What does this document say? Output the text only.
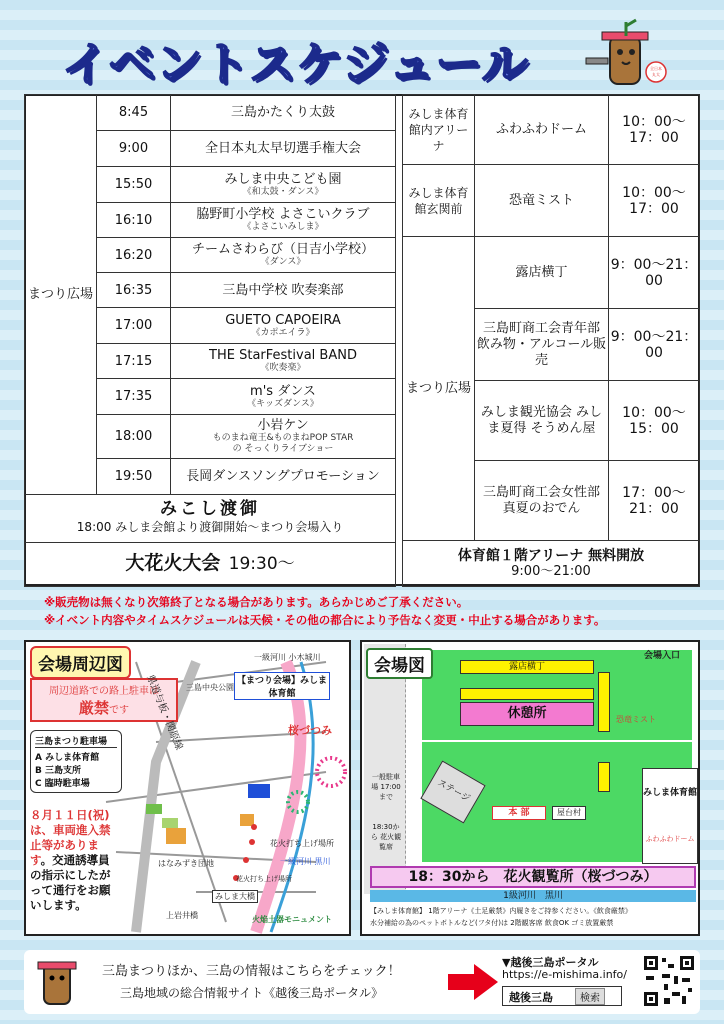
イベントスケジュール	全日本
丸太
まつり広場	8:45	三島かたくり太鼓
	9:00	全日本丸太早切選手権大会
	15:50	みしま中央こども園
《和太鼓・ダンス》

	16:10	脇野町小学校 よさこいクラブ
《よさこいみしま》

	16:20	チームさわらび（日吉小学校）
《ダンス》

	16:35	三島中学校 吹奏楽部
	17:00	GUETO CAPOEIRA
《カポエイラ》

	17:15	THE StarFestival BAND
《吹奏楽》

	17:35	m's ダンス
《キッズダンス》

	18:00	小岩ケン
ものまね竜王&ものまねPOP STAR
の そっくりライブショー

	19:50	長岡ダンスソングプロモーション

みこし渡御
18:00 みしま会館より渡御開始～まつり会場入り		

大花火大会 19:30～		
みしま体育館内アリーナ	ふわふわドーム	10：00～17：00
みしま体育館玄関前	恐竜ミスト	10：00～17：00
まつり広場	露店横丁	9：00～21：00
	三島町商工会青年部 飲み物・アルコール販売	9：00～21：00
	みしま観光協会 みしま夏得 そうめん屋	10：00～15：00
	三島町商工会女性部 真夏のおでん	17：00～21：00

体育館１階アリーナ 無料開放
9:00～21:00		
※販売物は無くなり次第終了となる場合があります。あらかじめご了承ください。
※イベント内容やタイムスケジュールは天候・その他の都合により予告なく変更・中止する場合があります。
会場周辺図
周辺道路での路上駐車は
厳禁です
三島まつり駐車場
A みしま体育館
B 三島支所
C 臨時駐車場
８月１１日(祝)は、車両進入禁止等があります。交通誘導員の指示にしたがって通行をお願いします。
一級河川 小木城川
県道与板・関原線 三島中央公園
【まつり会場】みしま体育館
桜づつみ
花火打ち上げ場所
一級河川 黒川
はなみずき団地
花火打ち上げ場所
みしま大橋
上岩井橋	火焔土器モニュメント
会場図	会場入口
露店横丁
休憩所	恐竜ミスト
一般駐車場 17:00まで
18:30から 花火観覧席
ステージ
本 部	屋台村
みしま体育館
ふわふわドーム
18：30から　花火観覧所（桜づつみ）
1級河川　黒川
【みしま体育館】 1階アリーナ《土足厳禁》内履きをご持参ください。《飲食厳禁》
水分補給の為のペットボトルなど(フタ付)は 2階観客席 飲食OK ゴミ放置厳禁
三島まつりほか、三島の情報はこちらをチェック！
三島地域の総合情報サイト《越後三島ポータル》
▼越後三島ポータル
https://e-mishima.info/
越後三島	検索
